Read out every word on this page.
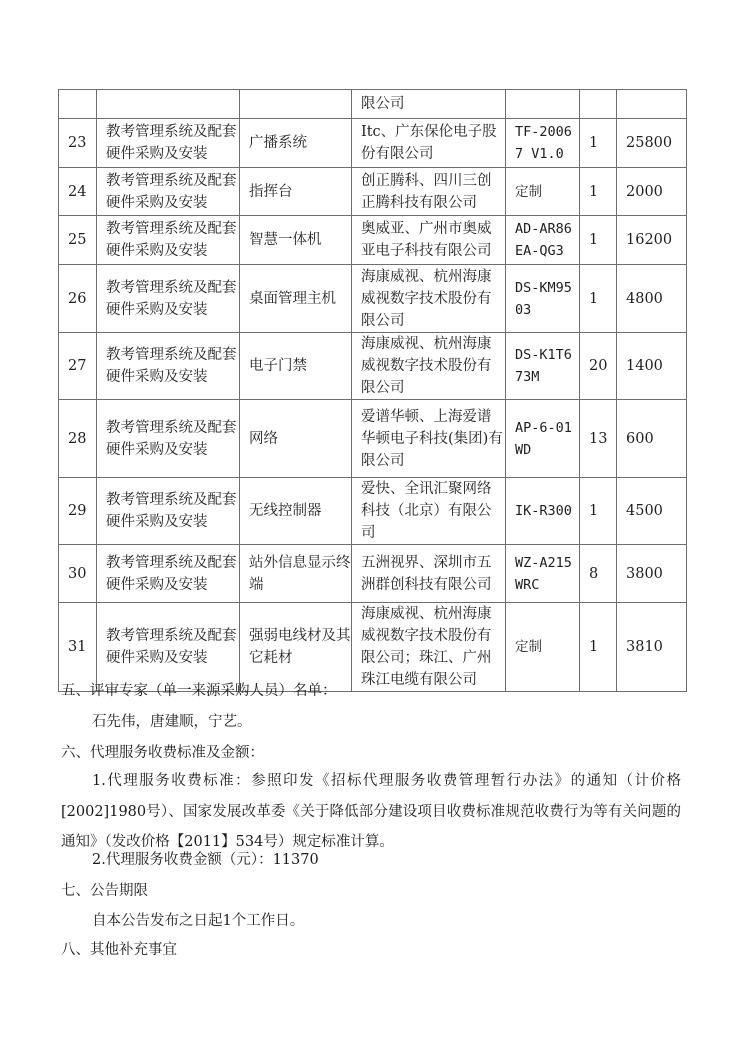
			限公司			
23	教考管理系统及配套硬件采购及安装	广播系统	Itc、广东保伦电子股份有限公司	TF-20067 V1.0	1	25800
24	教考管理系统及配套硬件采购及安装	指挥台	创正腾科、四川三创正腾科技有限公司	定制	1	2000
25	教考管理系统及配套硬件采购及安装	智慧一体机	奥威亚、广州市奥威亚电子科技有限公司	AD-AR86EA-QG3	1	16200
26	教考管理系统及配套硬件采购及安装	桌面管理主机	海康威视、杭州海康威视数字技术股份有限公司	DS-KM9503	1	4800
27	教考管理系统及配套硬件采购及安装	电子门禁	海康威视、杭州海康威视数字技术股份有限公司	DS-K1T673M	20	1400
28	教考管理系统及配套硬件采购及安装	网络	爱谱华顿、上海爱谱华顿电子科技(集团)有限公司	AP-6-01WD	13	600
29	教考管理系统及配套硬件采购及安装	无线控制器	爱快、全讯汇聚网络科技（北京）有限公司	IK-R300	1	4500
30	教考管理系统及配套硬件采购及安装	站外信息显示终端	五洲视界、深圳市五洲群创科技有限公司	WZ-A215WRC	8	3800
31	教考管理系统及配套硬件采购及安装	强弱电线材及其它耗材	海康威视、杭州海康威视数字技术股份有限公司；珠江、广州珠江电缆有限公司	定制	1	3810
五、评审专家（单一来源采购人员）名单：
石先伟，唐建顺，宁艺。
六、代理服务收费标准及金额：
1.代理服务收费标准：参照印发《招标代理服务收费管理暂行办法》的通知（计价格[2002]1980号）、国家发展改革委《关于降低部分建设项目收费标准规范收费行为等有关问题的通知》（发改价格【2011】534号）规定标准计算。
2.代理服务收费金额（元）：11370
七、公告期限
自本公告发布之日起1个工作日。
八、其他补充事宜
